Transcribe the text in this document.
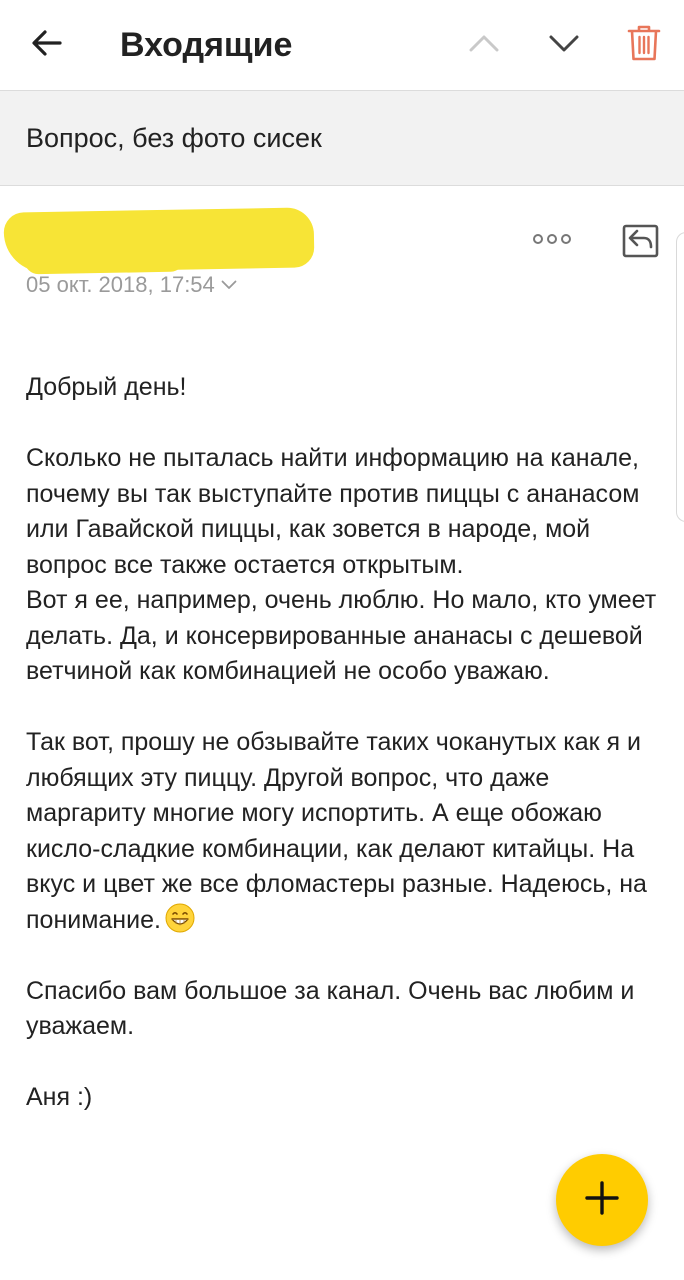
Входящие
Вопрос, без фото сисек
05 окт. 2018, 17:54

Добрый день!

Сколько не пыталась найти информацию на канале, почему вы так выступайте против пиццы с ананасом или Гавайской пиццы, как зовется в народе, мой вопрос все также остается открытым.

Вот я ее, например, очень люблю. Но мало, кто умеет делать. Да, и консервированные ананасы с дешевой ветчиной как комбинацией не особо уважаю.

Так вот, прошу не обзывайте таких чоканутых как я и любящих эту пиццу. Другой вопрос, что даже маргариту многие могу испортить. А еще обожаю кисло-сладкие комбинации, как делают китайцы. На вкус и цвет же все фломастеры разные. Надеюсь, на понимание.

Спасибо вам большое за канал. Очень вас любим и уважаем.

Аня :)
